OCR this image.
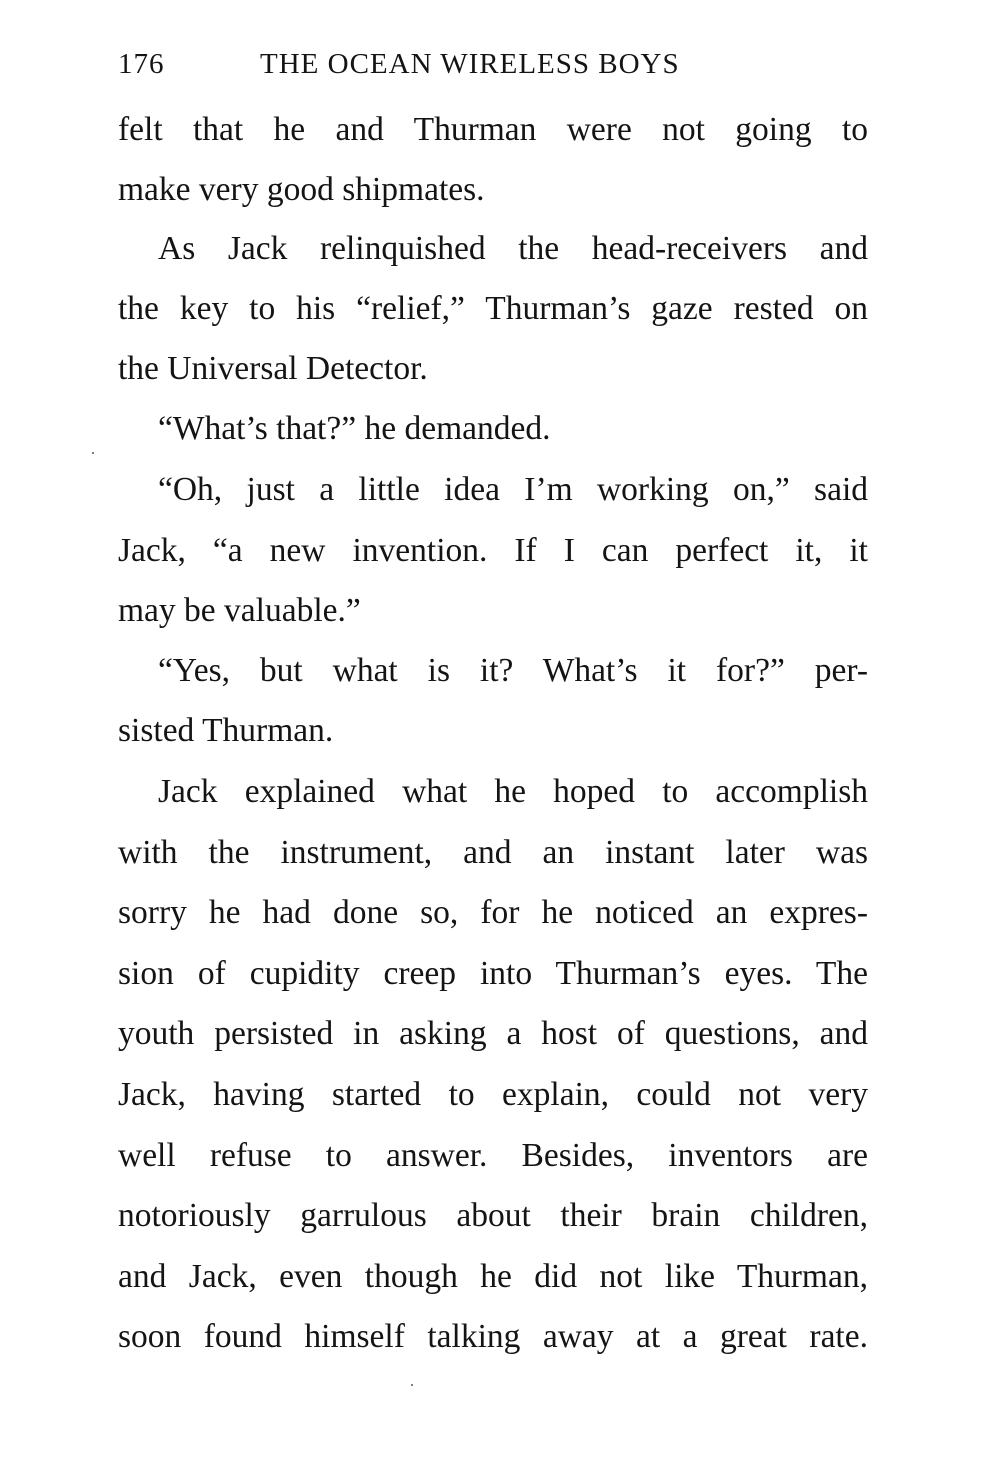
176	THE OCEAN WIRELESS BOYS
felt that he and Thurman were not going to
make very good shipmates.
As Jack relinquished the head-receivers and
the key to his “relief,” Thurman’s gaze rested on
the Universal Detector.
“What’s that?” he demanded.
“Oh, just a little idea I’m working on,” said
Jack, “a new invention. If I can perfect it, it
may be valuable.”
“Yes, but what is it? What’s it for?” per-
sisted Thurman.
Jack explained what he hoped to accomplish
with the instrument, and an instant later was
sorry he had done so, for he noticed an expres-
sion of cupidity creep into Thurman’s eyes. The
youth persisted in asking a host of questions, and
Jack, having started to explain, could not very
well refuse to answer. Besides, inventors are
notoriously garrulous about their brain children,
and Jack, even though he did not like Thurman,
soon found himself talking away at a great rate.
